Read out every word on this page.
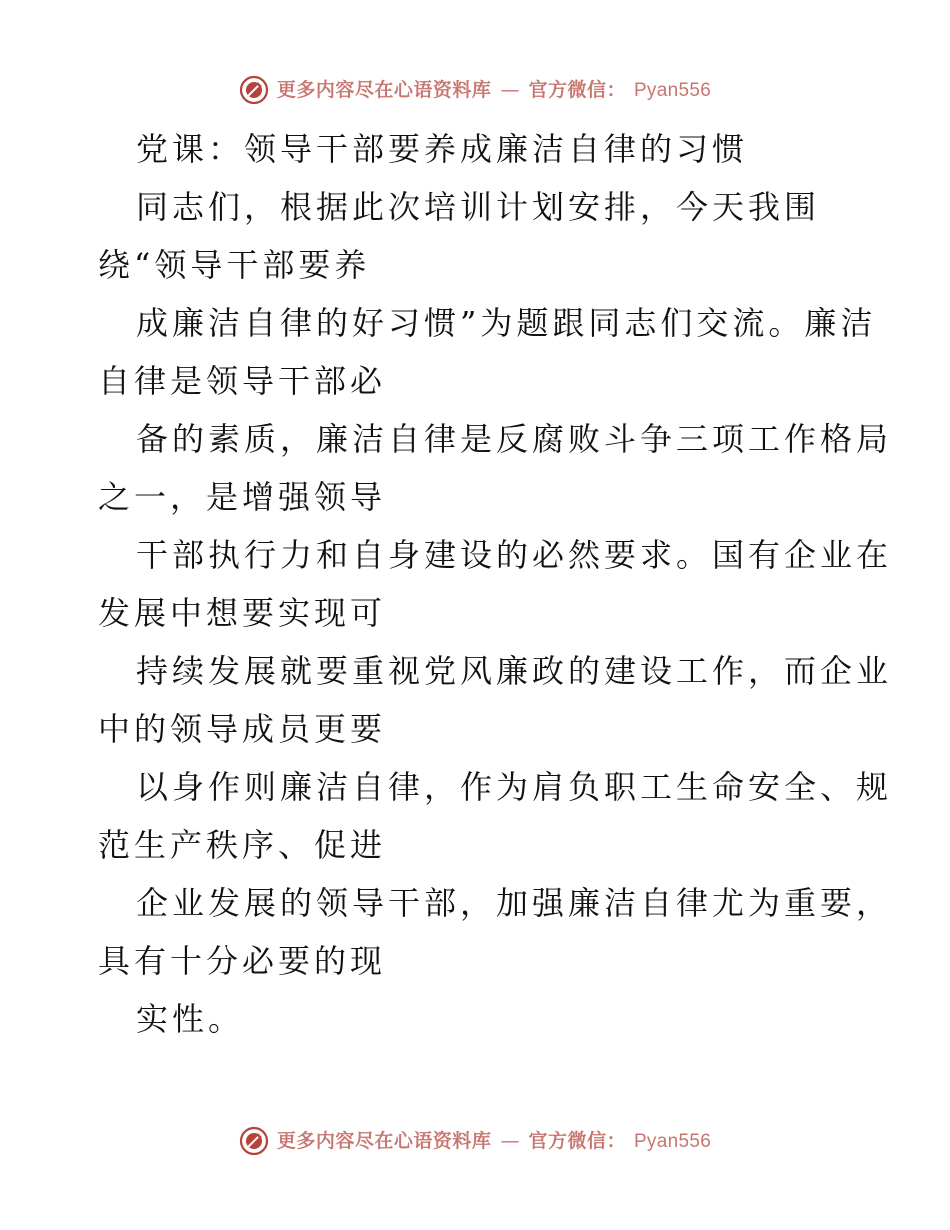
更多内容尽在心语资料库 — 官方微信： Pyan556
党课：领导干部要养成廉洁自律的习惯
同志们，根据此次培训计划安排，今天我围
绕“领导干部要养
成廉洁自律的好习惯”为题跟同志们交流。廉洁
自律是领导干部必
备的素质，廉洁自律是反腐败斗争三项工作格局
之一，是增强领导
干部执行力和自身建设的必然要求。国有企业在
发展中想要实现可
持续发展就要重视党风廉政的建设工作，而企业
中的领导成员更要
以身作则廉洁自律，作为肩负职工生命安全、规
范生产秩序、促进
企业发展的领导干部，加强廉洁自律尤为重要，
具有十分必要的现
实性。
更多内容尽在心语资料库 — 官方微信： Pyan556
